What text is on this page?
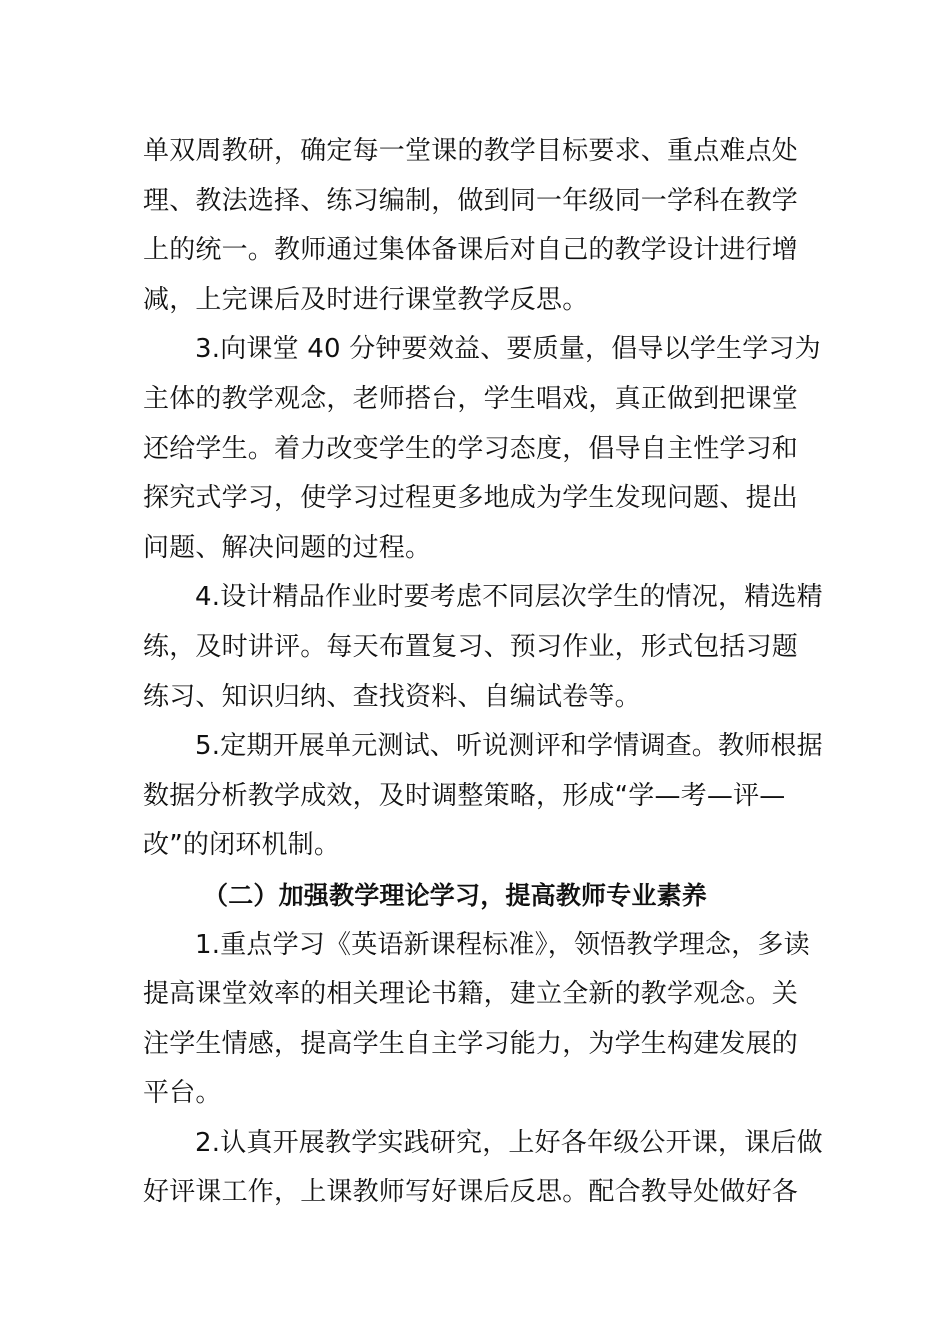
单双周教研，确定每一堂课的教学目标要求、重点难点处
理、教法选择、练习编制，做到同一年级同一学科在教学
上的统一。教师通过集体备课后对自己的教学设计进行增
减，上完课后及时进行课堂教学反思。
3.向课堂 40 分钟要效益、要质量，倡导以学生学习为
主体的教学观念，老师搭台，学生唱戏，真正做到把课堂
还给学生。着力改变学生的学习态度，倡导自主性学习和
探究式学习，使学习过程更多地成为学生发现问题、提出
问题、解决问题的过程。
4.设计精品作业时要考虑不同层次学生的情况，精选精
练，及时讲评。每天布置复习、预习作业，形式包括习题
练习、知识归纳、查找资料、自编试卷等。
5.定期开展单元测试、听说测评和学情调查。教师根据
数据分析教学成效，及时调整策略，形成“学—考—评—
改”的闭环机制。
（二）加强教学理论学习，提高教师专业素养
1.重点学习《英语新课程标准》，领悟教学理念，多读
提高课堂效率的相关理论书籍，建立全新的教学观念。关
注学生情感，提高学生自主学习能力，为学生构建发展的
平台。
2.认真开展教学实践研究，上好各年级公开课，课后做
好评课工作，上课教师写好课后反思。配合教导处做好各
